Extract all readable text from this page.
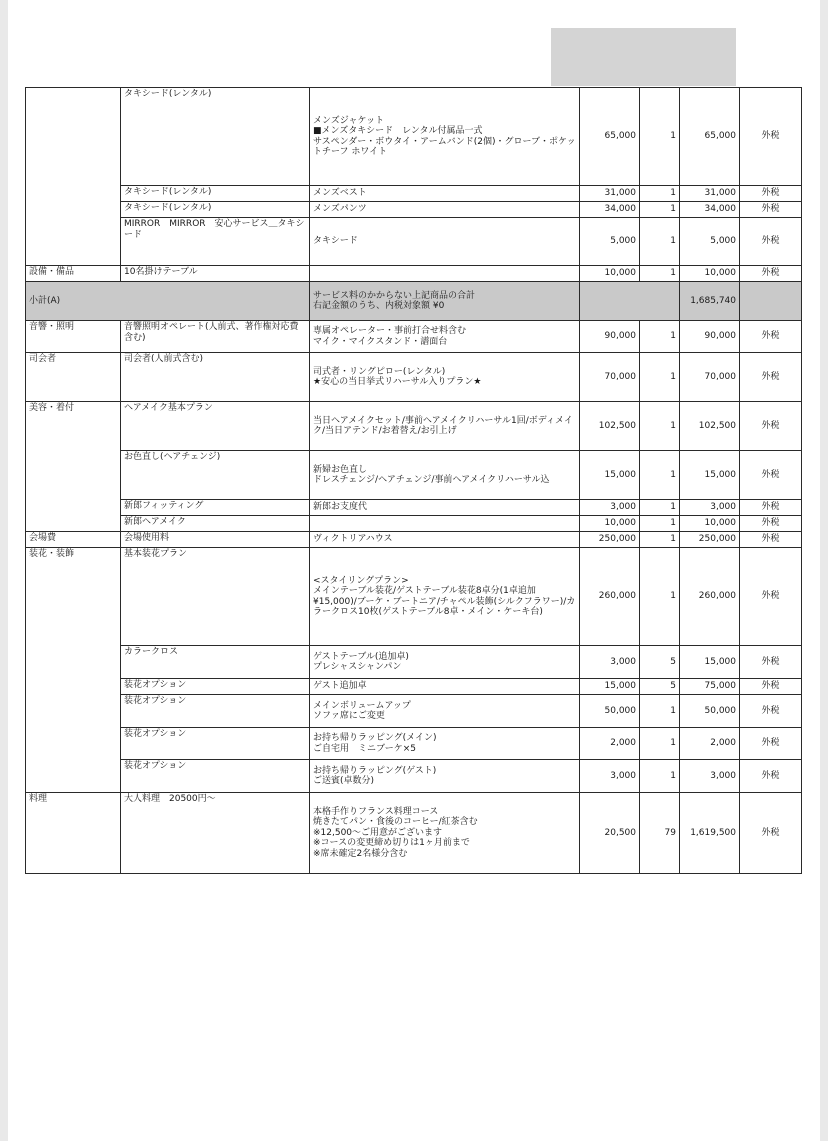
	タキシード(レンタル)	メンズジャケット
■メンズタキシード　レンタル付属品一式
サスペンダー・ボウタイ・アームバンド(2個)・グローブ・ポケットチーフ ホワイト	65,000	1	65,000	外税
	タキシード(レンタル)	メンズベスト	31,000	1	31,000	外税
	タキシード(レンタル)	メンズパンツ	34,000	1	34,000	外税
	MIRROR　MIRROR　安心サービス＿タキシード	タキシード	5,000	1	5,000	外税
設備・備品	10名掛けテーブル		10,000	1	10,000	外税
小計(A)		サービス料のかからない上記商品の合計
右記金額のうち、内税対象額 ¥0			1,685,740	
音響・照明	音響照明オペレート(人前式、著作権対応費含む)	専属オペレーター・事前打合せ料含む
マイク・マイクスタンド・譜面台	90,000	1	90,000	外税
司会者	司会者(人前式含む)	司式者・リングピロー(レンタル)
★安心の当日挙式リハーサル入りプラン★	70,000	1	70,000	外税
美容・着付	ヘアメイク基本プラン	当日ヘアメイクセット/事前ヘアメイクリハーサル1回/ボディメイク/当日アテンド/お着替え/お引上げ	102,500	1	102,500	外税
	お色直し(ヘアチェンジ)	新婦お色直し
ドレスチェンジ/ヘアチェンジ/事前ヘアメイクリハーサル込	15,000	1	15,000	外税
	新郎フィッティング	新郎お支度代	3,000	1	3,000	外税
	新郎ヘアメイク		10,000	1	10,000	外税
会場費	会場使用料	ヴィクトリアハウス	250,000	1	250,000	外税
装花・装飾	基本装花プラン	<スタイリングプラン>
メインテーブル装花/ゲストテーブル装花8卓分(1卓追加¥15,000)/ブーケ・ブートニア/チャペル装飾(シルクフラワー)/カラークロス10枚(ゲストテーブル8卓・メイン・ケーキ台)	260,000	1	260,000	外税
	カラークロス	ゲストテーブル(追加卓)
プレシャスシャンパン	3,000	5	15,000	外税
	装花オプション	ゲスト追加卓	15,000	5	75,000	外税
	装花オプション	メインボリュームアップ
ソファ席にご変更	50,000	1	50,000	外税
	装花オプション	お持ち帰りラッピング(メイン)
ご自宅用　ミニブーケ×5	2,000	1	2,000	外税
	装花オプション	お持ち帰りラッピング(ゲスト)
ご送賓(卓数分)	3,000	1	3,000	外税
料理	大人料理　20500円〜	本格手作りフランス料理コース
焼きたてパン・食後のコーヒー/紅茶含む
※12,500〜ご用意がございます
※コースの変更締め切りは1ヶ月前まで
※席未確定2名様分含む	20,500	79	1,619,500	外税
